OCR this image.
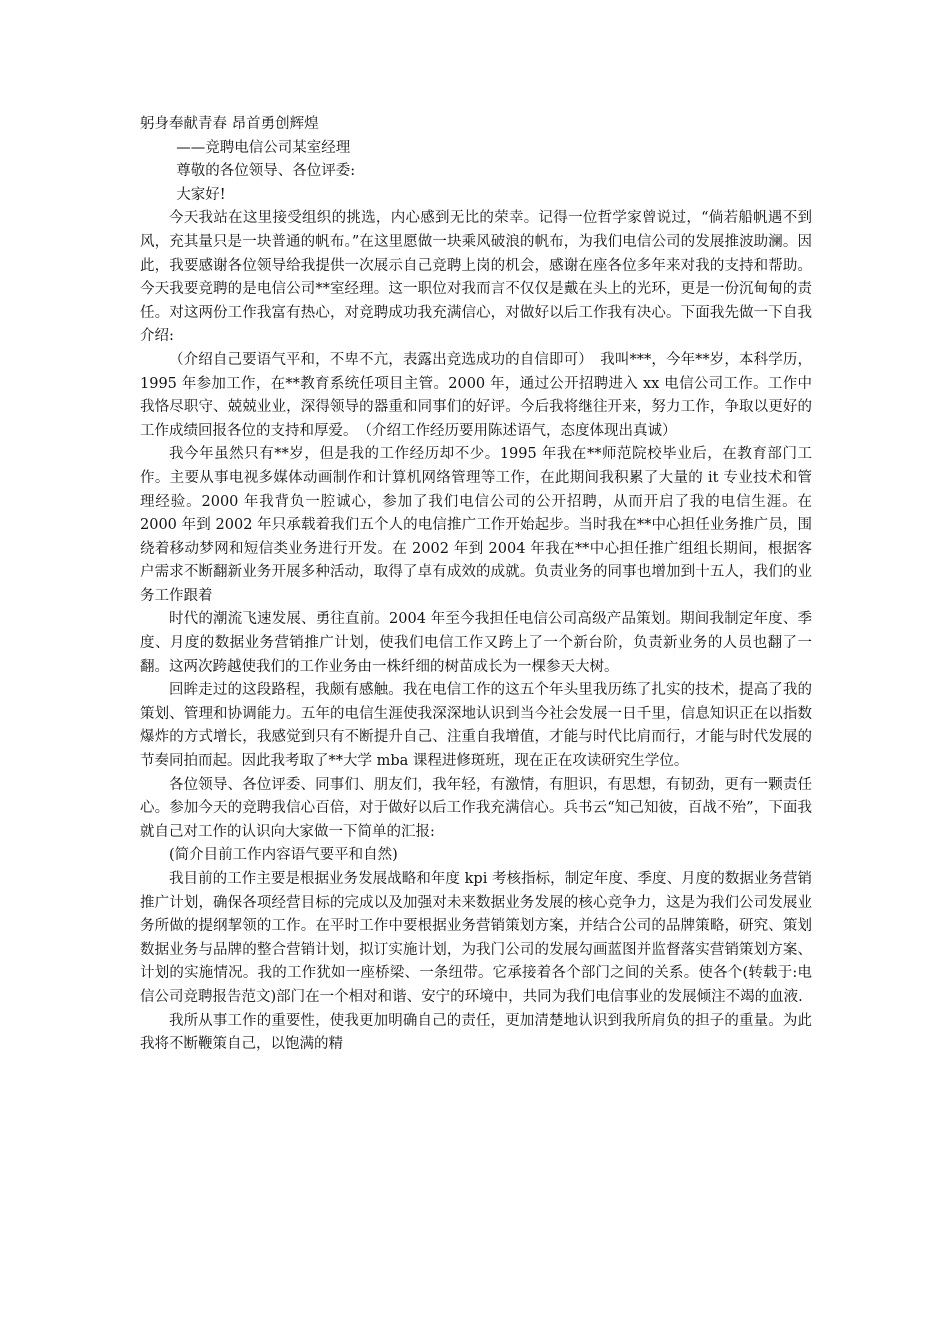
躬身奉献青春 昂首勇创辉煌

——竞聘电信公司某室经理

尊敬的各位领导、各位评委:

大家好!

今天我站在这里接受组织的挑选，内心感到无比的荣幸。记得一位哲学家曾说过，“倘若船帆遇不到风，充其量只是一块普通的帆布。”在这里愿做一块乘风破浪的帆布，为我们电信公司的发展推波助澜。因此，我要感谢各位领导给我提供一次展示自己竞聘上岗的机会，感谢在座各位多年来对我的支持和帮助。今天我要竞聘的是电信公司**室经理。这一职位对我而言不仅仅是戴在头上的光环，更是一份沉甸甸的责任。对这两份工作我富有热心，对竞聘成功我充满信心，对做好以后工作我有决心。下面我先做一下自我介绍:

（介绍自己要语气平和，不卑不亢，表露出竞选成功的自信即可）　我叫***，今年**岁，本科学历，1995 年参加工作，在**教育系统任项目主管。2000 年，通过公开招聘进入 xx 电信公司工作。工作中我恪尽职守、兢兢业业，深得领导的器重和同事们的好评。今后我将继往开来，努力工作，争取以更好的工作成绩回报各位的支持和厚爱。　（介绍工作经历要用陈述语气，态度体现出真诚）

我今年虽然只有**岁，但是我的工作经历却不少。1995 年我在**师范院校毕业后，在教育部门工作。主要从事电视多媒体动画制作和计算机网络管理等工作，在此期间我积累了大量的 it 专业技术和管理经验。2000 年我背负一腔诚心，参加了我们电信公司的公开招聘，从而开启了我的电信生涯。在 2000 年到 2002 年只承载着我们五个人的电信推广工作开始起步。当时我在**中心担任业务推广员，围绕着移动梦网和短信类业务进行开发。在 2002 年到 2004 年我在**中心担任推广组组长期间，根据客户需求不断翻新业务开展多种活动，取得了卓有成效的成就。负责业务的同事也增加到十五人，我们的业务工作跟着

时代的潮流飞速发展、勇往直前。2004 年至今我担任电信公司高级产品策划。期间我制定年度、季度、月度的数据业务营销推广计划，使我们电信工作又跨上了一个新台阶，负责新业务的人员也翻了一翻。这两次跨越使我们的工作业务由一株纤细的树苗成长为一棵参天大树。

回眸走过的这段路程，我颇有感触。我在电信工作的这五个年头里我历练了扎实的技术，提高了我的策划、管理和协调能力。五年的电信生涯使我深深地认识到当今社会发展一日千里，信息知识正在以指数爆炸的方式增长，我感觉到只有不断提升自己、注重自我增值，才能与时代比肩而行，才能与时代发展的节奏同拍而起。因此我考取了**大学 mba 课程进修斑班，现在正在攻读研究生学位。

各位领导、各位评委、同事们、朋友们，我年轻，有激情，有胆识，有思想，有韧劲，更有一颗责任心。参加今天的竞聘我信心百倍，对于做好以后工作我充满信心。兵书云“知己知彼，百战不殆”，下面我就自己对工作的认识向大家做一下简单的汇报:

(简介目前工作内容语气要平和自然)

我目前的工作主要是根据业务发展战略和年度 kpi 考核指标，制定年度、季度、月度的数据业务营销推广计划，确保各项经营目标的完成以及加强对未来数据业务发展的核心竞争力，这是为我们公司发展业务所做的提纲挈领的工作。在平时工作中要根据业务营销策划方案，并结合公司的品牌策略，研究、策划数据业务与品牌的整合营销计划，拟订实施计划，为我门公司的发展勾画蓝图并监督落实营销策划方案、计划的实施情况。我的工作犹如一座桥梁、一条纽带。它承接着各个部门之间的关系。使各个(转载于:电信公司竞聘报告范文)部门在一个相对和谐、安宁的环境中，共同为我们电信事业的发展倾注不竭的血液.

我所从事工作的重要性，使我更加明确自己的责任，更加清楚地认识到我所肩负的担子的重量。为此我将不断鞭策自己，以饱满的精
